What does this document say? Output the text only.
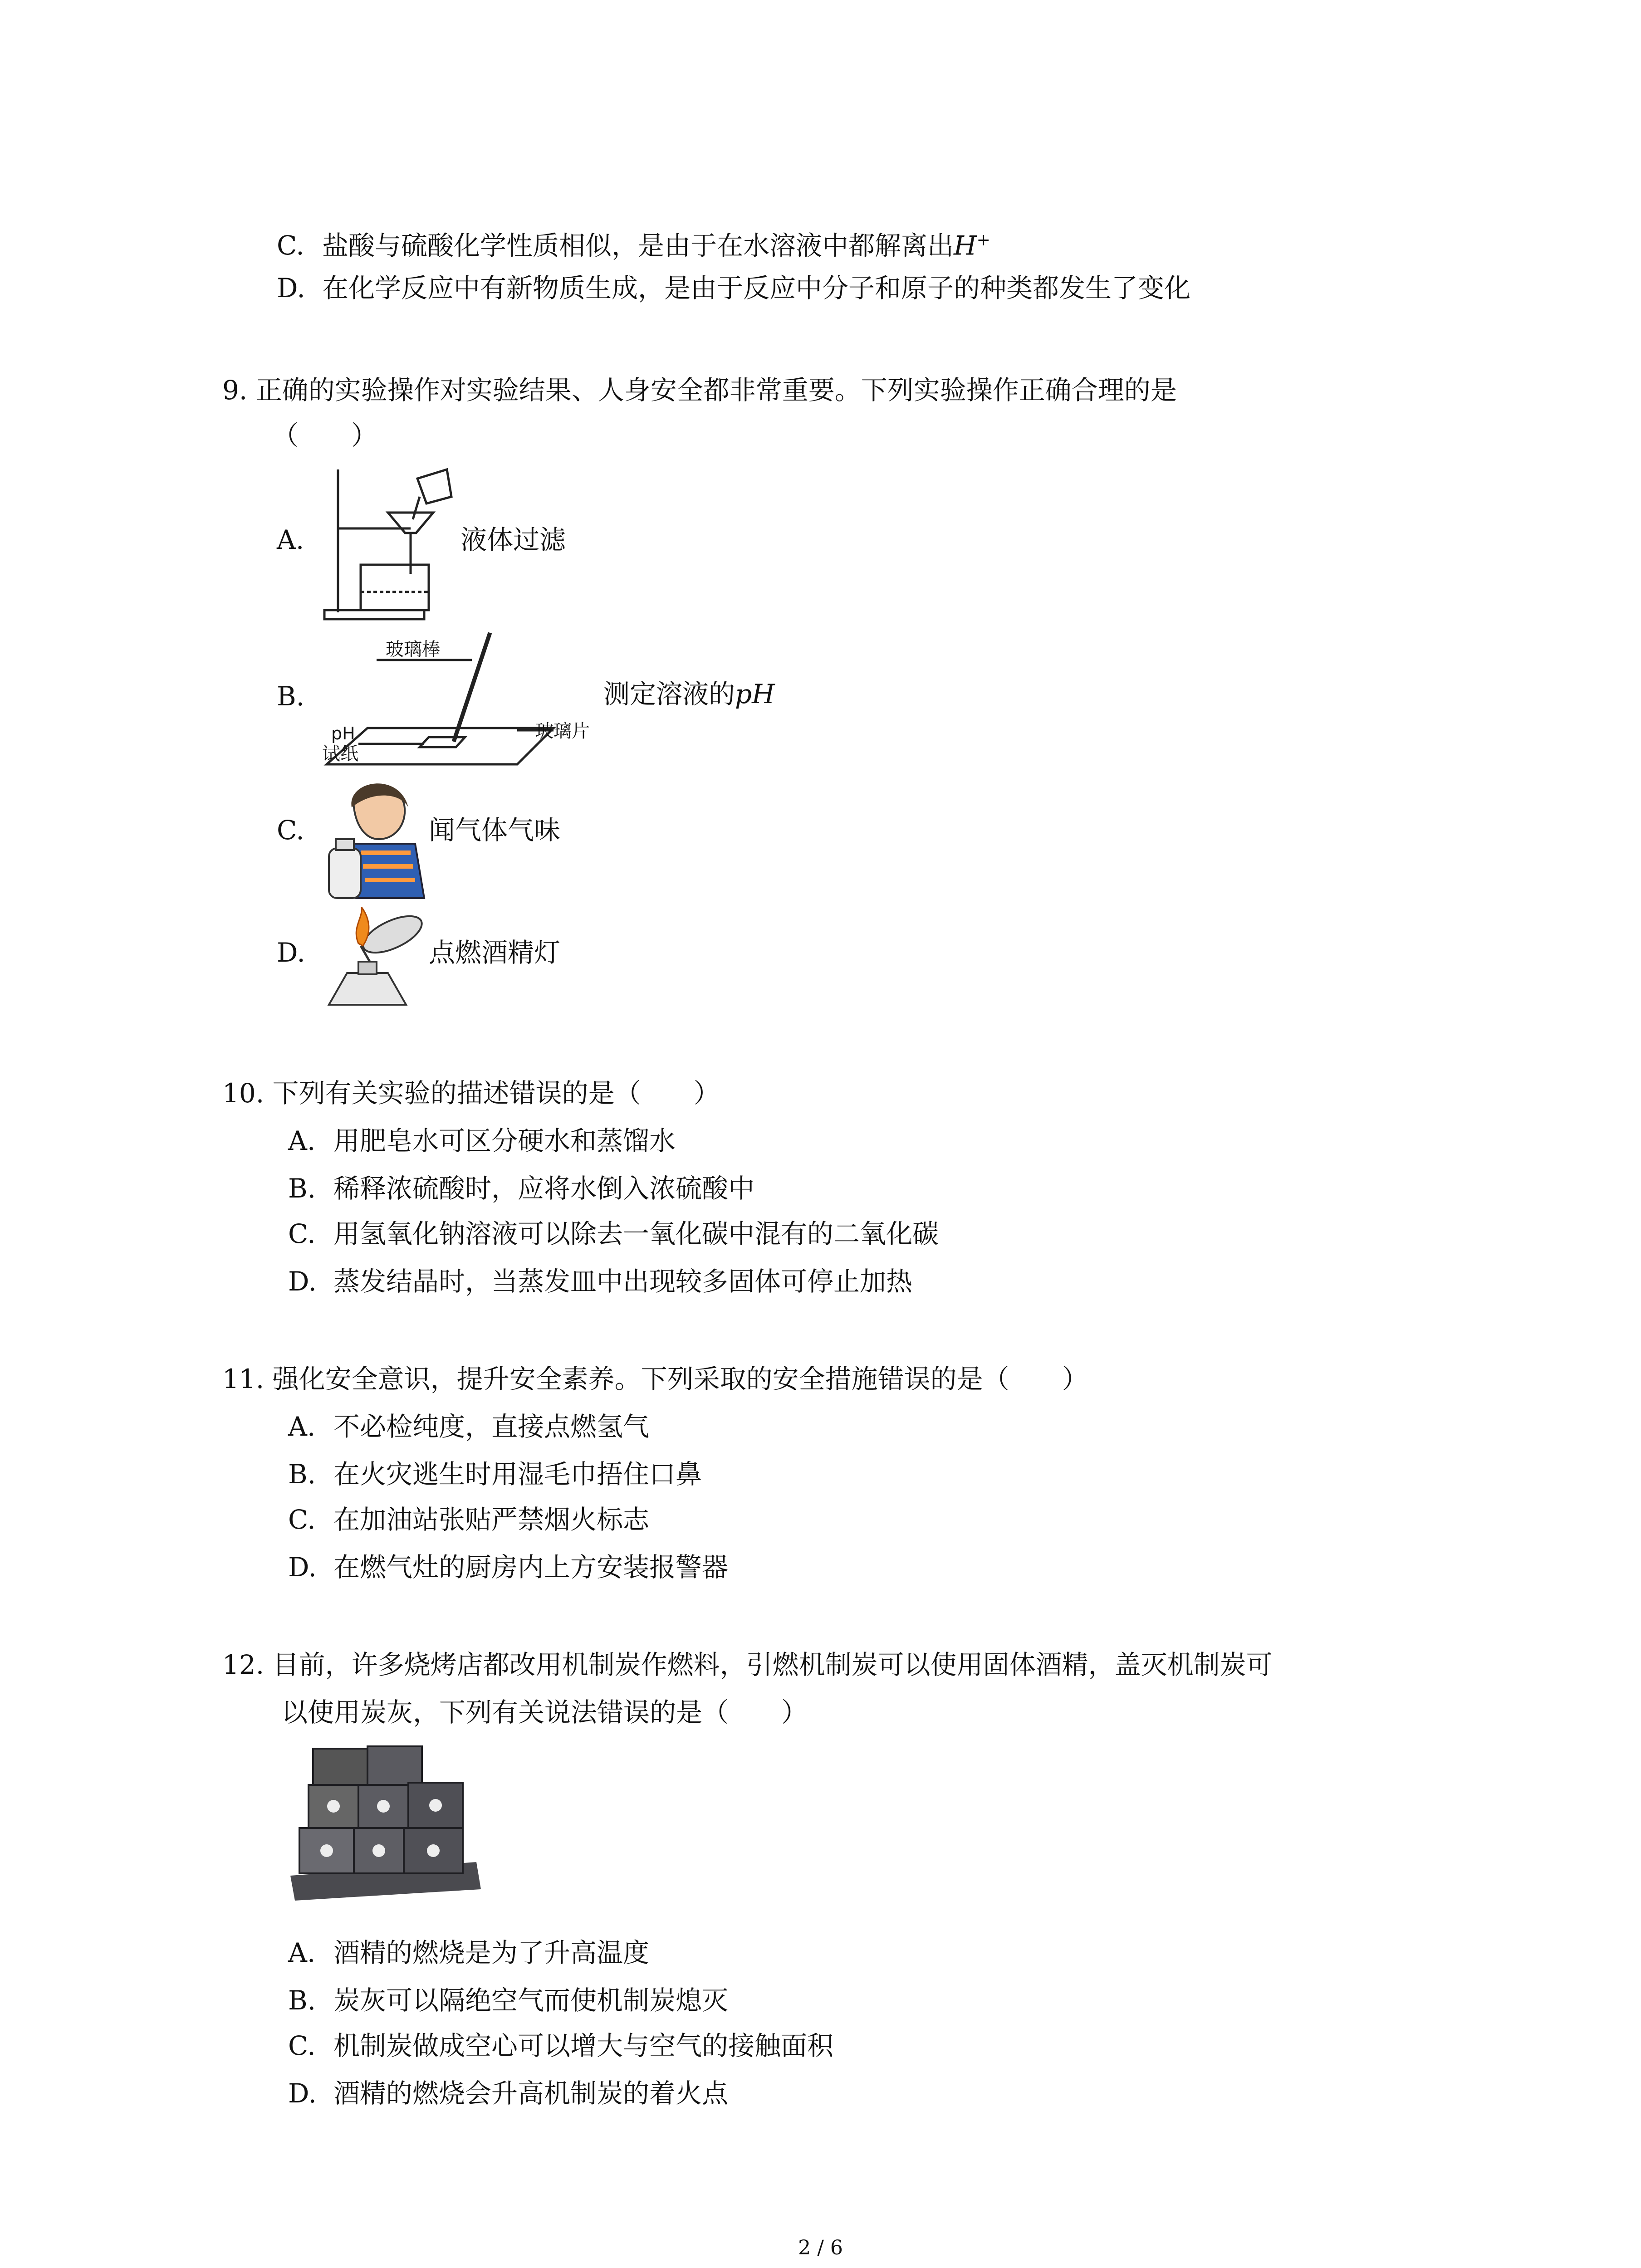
C. 盐酸与硫酸化学性质相似，是由于在水溶液中都解离出H+
D. 在化学反应中有新物质生成，是由于反应中分子和原子的种类都发生了变化
9. 正确的实验操作对实验结果、人身安全都非常重要。下列实验操作正确合理的是
（　　）
A.	液体过滤
B.
玻璃棒
玻璃片
pH
试纸
测定溶液的pH
C.	闻气体气味
D.	点燃酒精灯
10. 下列有关实验的描述错误的是（　　）
A. 用肥皂水可区分硬水和蒸馏水
B. 稀释浓硫酸时，应将水倒入浓硫酸中
C. 用氢氧化钠溶液可以除去一氧化碳中混有的二氧化碳
D. 蒸发结晶时，当蒸发皿中出现较多固体可停止加热
11. 强化安全意识，提升安全素养。下列采取的安全措施错误的是（　　）
A. 不必检纯度，直接点燃氢气
B. 在火灾逃生时用湿毛巾捂住口鼻
C. 在加油站张贴严禁烟火标志
D. 在燃气灶的厨房内上方安装报警器
12. 目前，许多烧烤店都改用机制炭作燃料，引燃机制炭可以使用固体酒精，盖灭机制炭可
以使用炭灰，下列有关说法错误的是（　　）
A. 酒精的燃烧是为了升高温度
B. 炭灰可以隔绝空气而使机制炭熄灭
C. 机制炭做成空心可以增大与空气的接触面积
D. 酒精的燃烧会升高机制炭的着火点
2 / 6
